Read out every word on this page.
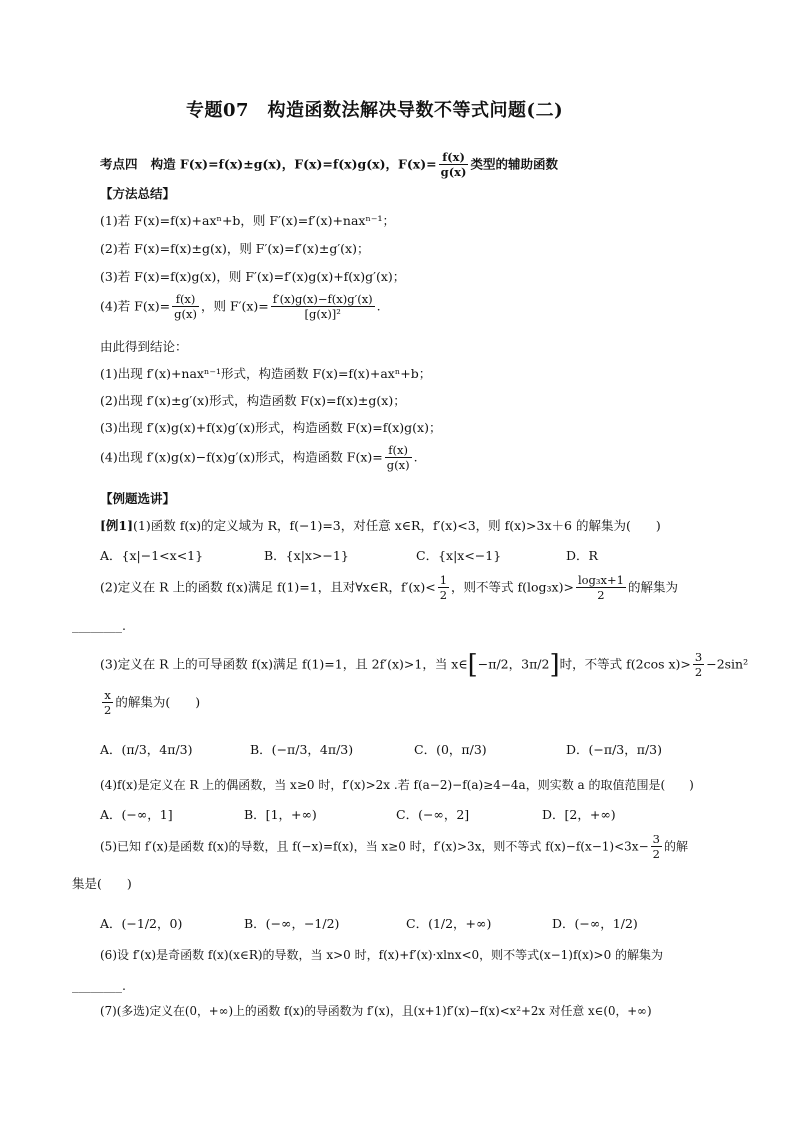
专题07　构造函数法解决导数不等式问题(二)
考点四 构造 F(x)=f(x)±g(x)，F(x)=f(x)g(x)，$F(x)= \frac{f(x)}{g(x)}$ 类型的辅助函数
【方法总结】
(1)若 F(x)=f(x)+axⁿ+b，则 F′(x)=f′(x)+naxⁿ⁻¹；
(2)若 F(x)=f(x)±g(x)，则 F′(x)=f′(x)±g′(x)；
(3)若 F(x)=f(x)g(x)，则 F′(x)=f′(x)g(x)+f(x)g′(x)；
(4)若 $F(x)= \frac{f(x)}{g(x)}$ ，则 $F'(x)= \frac{f'(x)g(x)-f(x)g'(x)}{\text{[g(x)]²}}$ .
由此得到结论：
(1)出现 f′(x)+naxⁿ⁻¹形式，构造函数 F(x)=f(x)+axⁿ+b；
(2)出现 f′(x)±g′(x)形式，构造函数 F(x)=f(x)±g(x)；
(3)出现 f′(x)g(x)+f(x)g′(x)形式，构造函数 F(x)=f(x)g(x)；
(4)出现 f′(x)g(x)−f(x)g′(x)形式，构造函数 $F(x)= \frac{f(x)}{g(x)}$ .
【例题选讲】
[例1](1)函数 f(x)的定义域为 R，f(−1)=3，对任意 x∈R，f′(x)<3，则 f(x)>3x＋6 的解集为(　　)
A．{x|−1<x<1}	B．{x|x>−1}	C．{x|x<−1}	D．R
(2)定义在 R 上的函数 f(x)满足 f(1)=1，且对∀x∈R，$f'(x)< \frac{1}{2}$ ，则不等式 $f(\log_3x)> \frac{\text{log₃x+1}}{2}$ 的解集为
________.
(3)定义在 R 上的可导函数 f(x)满足 f(1)=1，且 2f′(x)>1，当 x∈[−π/2，3π/2]时，不等式 f(2cos $x)> \frac{3}{2} -2\sin^2$
$\frac{x}{2}$ 的解集为(　　)
A．(π/3，4π/3)	B．(−π/3，4π/3)	C．(0，π/3)	D．(−π/3，π/3)
(4)f(x)是定义在 R 上的偶函数，当 x≥0 时，f′(x)>2x .若 f(a−2)−f(a)≥4−4a，则实数 a 的取值范围是(　　)
A．(−∞，1]	B．[1，+∞)	C．(−∞，2]	D．[2，+∞)
(5)已知 f′(x)是函数 f(x)的导数，且 f(−x)=f(x)，当 x≥0 时，f′(x)>3x，则不等式 $f(x)-f(x-1)<3x- \frac{3}{2}$ 的解
集是(　　)
A．(−1/2，0)	B．(−∞，−1/2)	C．(1/2，+∞)	D．(−∞，1/2)
(6)设 f′(x)是奇函数 f(x)(x∈R)的导数，当 x>0 时，f(x)+f′(x)·xlnx<0，则不等式(x−1)f(x)>0 的解集为
________.
(7)(多选)定义在(0，+∞)上的函数 f(x)的导函数为 f′(x)，且(x+1)f′(x)−f(x)<x²+2x 对任意 x∈(0，+∞)
